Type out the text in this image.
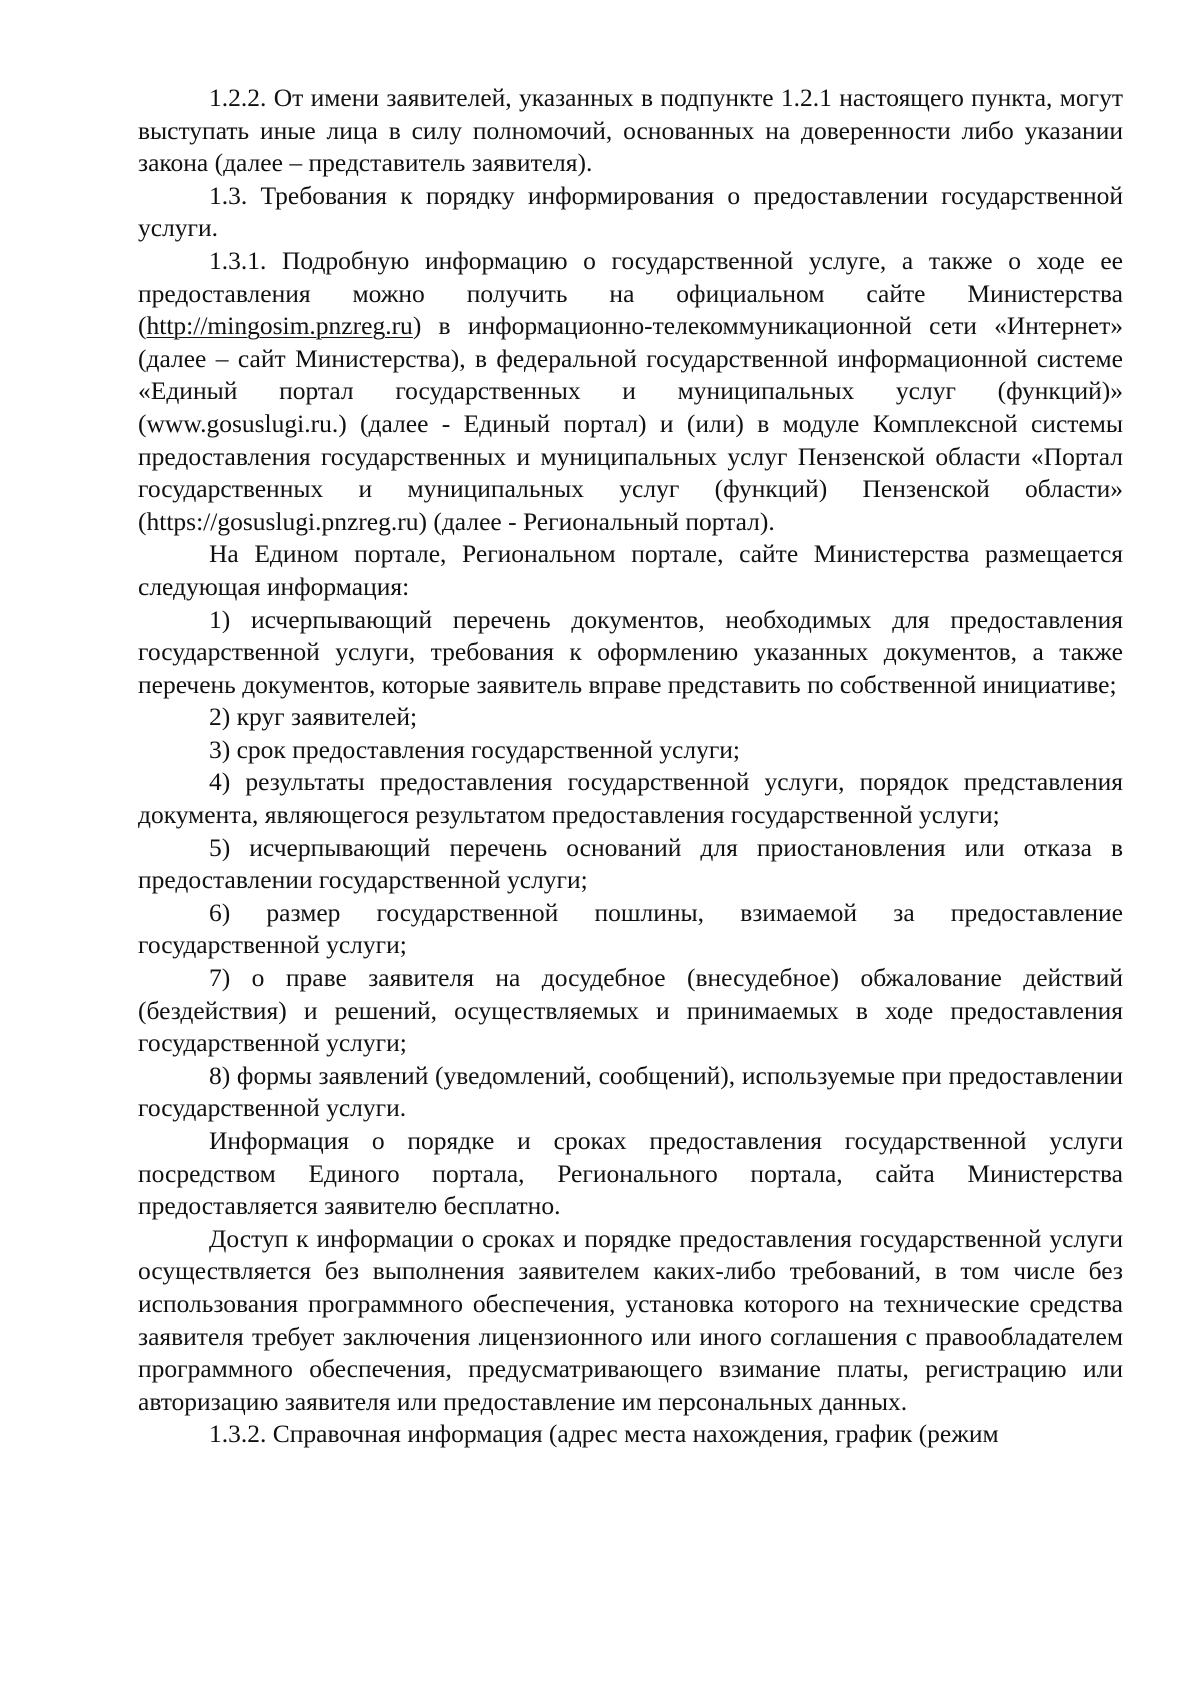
1.2.2. От имени заявителей, указанных в подпункте 1.2.1 настоящего пункта, могут выступать иные лица в силу полномочий, основанных на доверенности либо указании закона (далее – представитель заявителя).

1.3. Требования к порядку информирования о предоставлении государственной услуги.

1.3.1. Подробную информацию о государственной услуге, а также о ходе ее предоставления можно получить на официальном сайте Министерства (http://mingosim.pnzreg.ru) в информационно-телекоммуникационной сети «Интернет» (далее – сайт Министерства), в федеральной государственной информационной системе «Единый портал государственных и муниципальных услуг (функций)» (www.gosuslugi.ru.) (далее - Единый портал) и (или) в модуле Комплексной системы предоставления государственных и муниципальных услуг Пензенской области «Портал государственных и муниципальных услуг (функций) Пензенской области» (https://gosuslugi.pnzreg.ru) (далее - Региональный портал).

На Едином портале, Региональном портале, сайте Министерства размещается следующая информация:

1) исчерпывающий перечень документов, необходимых для предоставления государственной услуги, требования к оформлению указанных документов, а также перечень документов, которые заявитель вправе представить по собственной инициативе;

2) круг заявителей;

3) срок предоставления государственной услуги;

4) результаты предоставления государственной услуги, порядок представления документа, являющегося результатом предоставления государственной услуги;

5) исчерпывающий перечень оснований для приостановления или отказа в предоставлении государственной услуги;

6) размер государственной пошлины, взимаемой за предоставление государственной услуги;

7) о праве заявителя на досудебное (внесудебное) обжалование действий (бездействия) и решений, осуществляемых и принимаемых в ходе предоставления государственной услуги;

8) формы заявлений (уведомлений, сообщений), используемые при предоставлении государственной услуги.

Информация о порядке и сроках предоставления государственной услуги посредством Единого портала, Регионального портала, сайта Министерства предоставляется заявителю бесплатно.

Доступ к информации о сроках и порядке предоставления государственной услуги осуществляется без выполнения заявителем каких-либо требований, в том числе без использования программного обеспечения, установка которого на технические средства заявителя требует заключения лицензионного или иного соглашения с правообладателем программного обеспечения, предусматривающего взимание платы, регистрацию или авторизацию заявителя или предоставление им персональных данных.

1.3.2. Справочная информация (адрес места нахождения, график (режим
